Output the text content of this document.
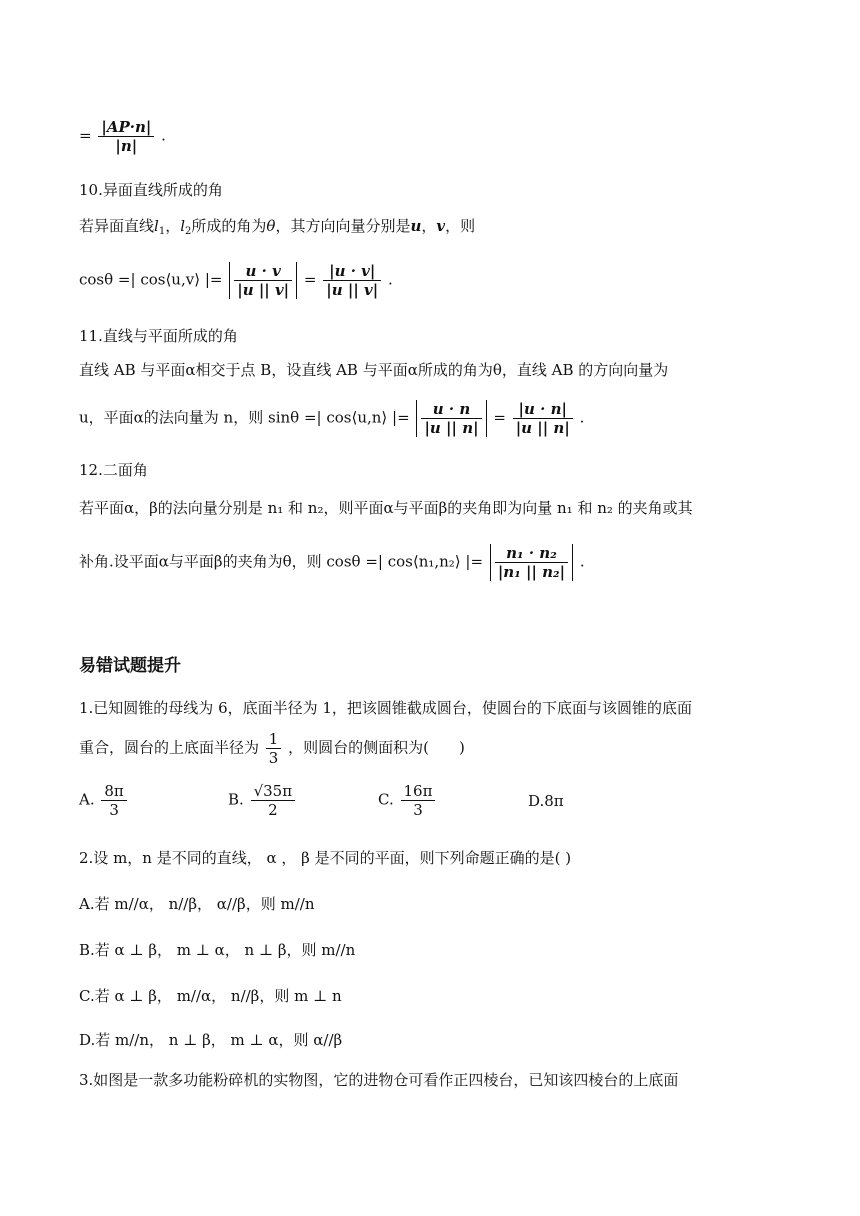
= $\frac{|AP\cdot n|}{|n|}$ .
10.异面直线所成的角
若异面直线$l_1$，$l_2$所成的角为θ，其方向向量分别是u，v，则
cosθ =| cos⟨u,v⟩ |= $\frac{u \cdot v}{|u || v|} = \frac{|u \cdot v|}{|u || v|}$ .
11.直线与平面所成的角
直线 AB 与平面α相交于点 B，设直线 AB 与平面α所成的角为θ，直线 AB 的方向向量为
u，平面α的法向量为 n，则 sinθ =| cos⟨u,n⟩ |= $\frac{u \cdot n}{|u || n|} = \frac{|u \cdot n|}{|u || n|}$ .
12.二面角
若平面α，β的法向量分别是 n₁ 和 n₂，则平面α与平面β的夹角即为向量 n₁ 和 n₂ 的夹角或其
补角.设平面α与平面β的夹角为θ，则 cosθ =| cos⟨n₁,n₂⟩ |= $\frac{\text{n₁ · n₂}}{\text{|n₁ || n₂|}}$ .
易错试题提升
1.已知圆锥的母线为 6，底面半径为 1，把该圆锥截成圆台，使圆台的下底面与该圆锥的底面
重合，圆台的上底面半径为 $\frac{1}{3}$ ，则圆台的侧面积为( )
A. $\frac{8\pi}{3}$	B. $\frac{√35\pi}{2}$	C. $\frac{16\pi}{3}$	D.8π
2.设 m，n 是不同的直线， α ， β 是不同的平面，则下列命题正确的是( )
A.若 m//α， n//β， α//β，则 m//n
B.若 α ⊥ β， m ⊥ α， n ⊥ β，则 m//n
C.若 α ⊥ β， m//α， n//β，则 m ⊥ n
D.若 m//n， n ⊥ β， m ⊥ α，则 α//β
3.如图是一款多功能粉碎机的实物图，它的进物仓可看作正四棱台，已知该四棱台的上底面
